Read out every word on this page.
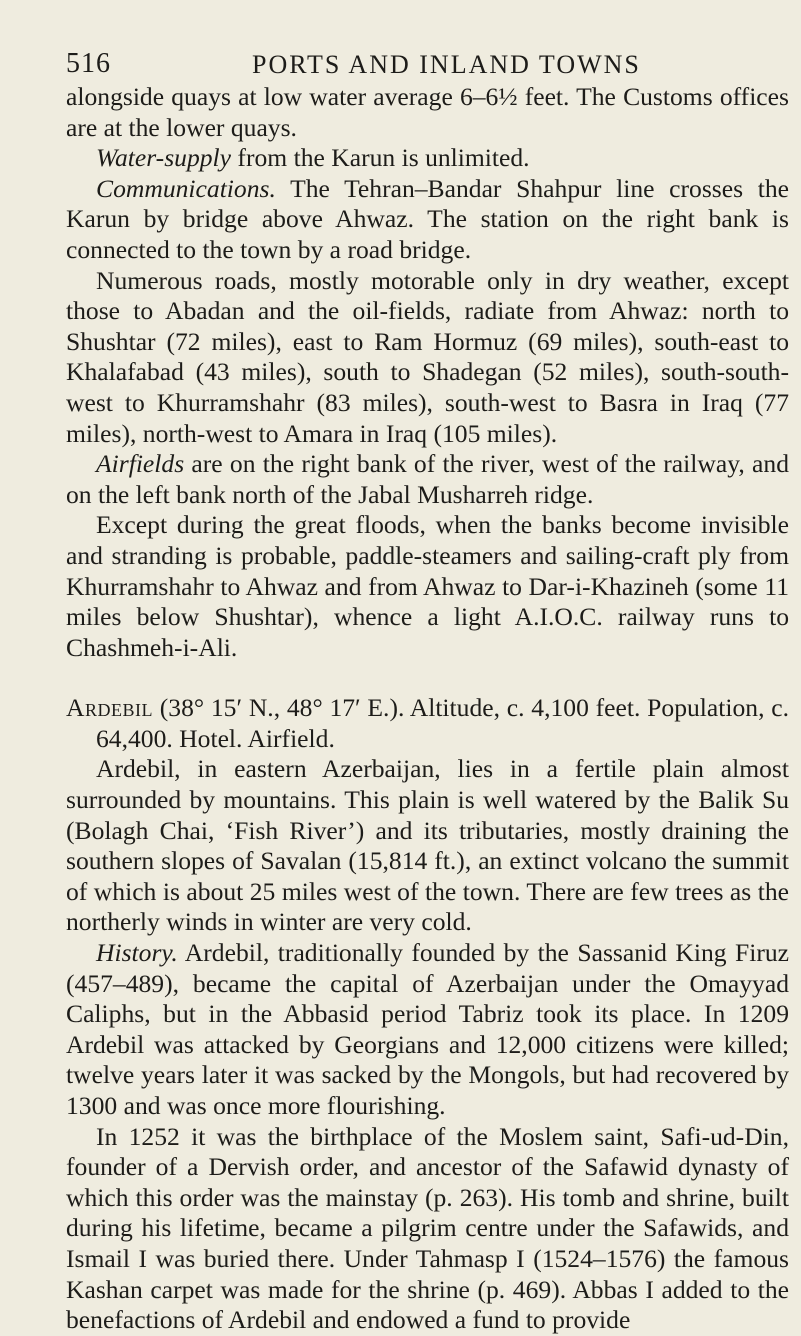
516	PORTS AND INLAND TOWNS

alongside quays at low water average 6–6½ feet. The Customs offices are at the lower quays.

Water-supply from the Karun is unlimited.

Communications. The Tehran–Bandar Shahpur line crosses the Karun by bridge above Ahwaz. The station on the right bank is connected to the town by a road bridge.

Numerous roads, mostly motorable only in dry weather, except those to Abadan and the oil-fields, radiate from Ahwaz: north to Shushtar (72 miles), east to Ram Hormuz (69 miles), south-east to Khalafabad (43 miles), south to Shadegan (52 miles), south-south-west to Khurramshahr (83 miles), south-west to Basra in Iraq (77 miles), north-west to Amara in Iraq (105 miles).

Airfields are on the right bank of the river, west of the railway, and on the left bank north of the Jabal Musharreh ridge.

Except during the great floods, when the banks become invisible and stranding is probable, paddle-steamers and sailing-craft ply from Khurramshahr to Ahwaz and from Ahwaz to Dar-i-Khazineh (some 11 miles below Shushtar), whence a light A.I.O.C. railway runs to Chashmeh-i-Ali.

Ardebil (38° 15′ N., 48° 17′ E.). Altitude, c. 4,100 feet. Population, c. 64,400. Hotel. Airfield.

Ardebil, in eastern Azerbaijan, lies in a fertile plain almost surrounded by mountains. This plain is well watered by the Balik Su (Bolagh Chai, ‘Fish River’) and its tributaries, mostly draining the southern slopes of Savalan (15,814 ft.), an extinct volcano the summit of which is about 25 miles west of the town. There are few trees as the northerly winds in winter are very cold.

History. Ardebil, traditionally founded by the Sassanid King Firuz (457–489), became the capital of Azerbaijan under the Omayyad Caliphs, but in the Abbasid period Tabriz took its place. In 1209 Ardebil was attacked by Georgians and 12,000 citizens were killed; twelve years later it was sacked by the Mongols, but had recovered by 1300 and was once more flourishing.

In 1252 it was the birthplace of the Moslem saint, Safi-ud-Din, founder of a Dervish order, and ancestor of the Safawid dynasty of which this order was the mainstay (p. 263). His tomb and shrine, built during his lifetime, became a pilgrim centre under the Safawids, and Ismail I was buried there. Under Tahmasp I (1524–1576) the famous Kashan carpet was made for the shrine (p. 469). Abbas I added to the benefactions of Ardebil and endowed a fund to provide
